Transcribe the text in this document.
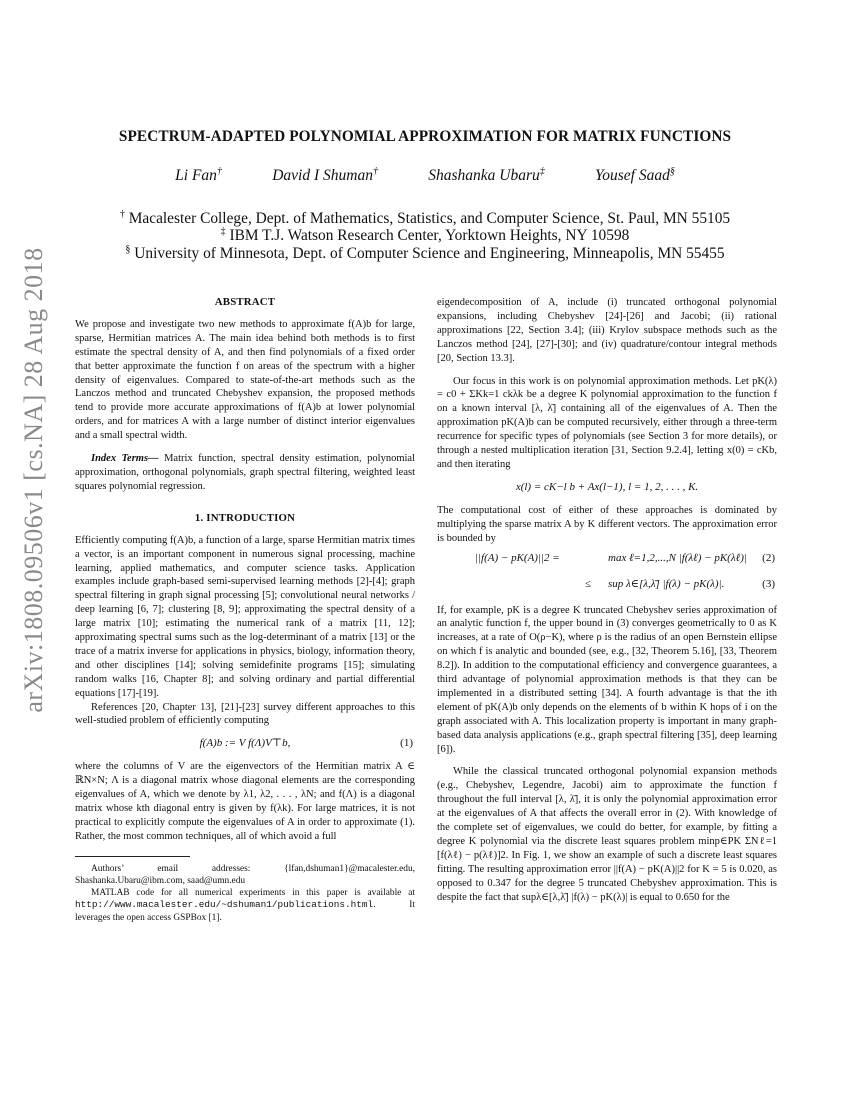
arXiv:1808.09506v1 [cs.NA] 28 Aug 2018
SPECTRUM-ADAPTED POLYNOMIAL APPROXIMATION FOR MATRIX FUNCTIONS
Li Fan†	David I Shuman†	Shashanka Ubaru‡	Yousef Saad§
† Macalester College, Dept. of Mathematics, Statistics, and Computer Science, St. Paul, MN 55105
‡ IBM T.J. Watson Research Center, Yorktown Heights, NY 10598
§ University of Minnesota, Dept. of Computer Science and Engineering, Minneapolis, MN 55455
ABSTRACT

We propose and investigate two new methods to approximate f(A)b for large, sparse, Hermitian matrices A. The main idea behind both methods is to first estimate the spectral density of A, and then find polynomials of a fixed order that better approximate the function f on areas of the spectrum with a higher density of eigenvalues. Compared to state-of-the-art methods such as the Lanczos method and truncated Chebyshev expansion, the proposed methods tend to provide more accurate approximations of f(A)b at lower polynomial orders, and for matrices A with a large number of distinct interior eigenvalues and a small spectral width.

Index Terms— Matrix function, spectral density estimation, polynomial approximation, orthogonal polynomials, graph spectral filtering, weighted least squares polynomial regression.

1. INTRODUCTION

Efficiently computing f(A)b, a function of a large, sparse Hermitian matrix times a vector, is an important component in numerous signal processing, machine learning, applied mathematics, and computer science tasks. Application examples include graph-based semi-supervised learning methods [2]-[4]; graph spectral filtering in graph signal processing [5]; convolutional neural networks / deep learning [6, 7]; clustering [8, 9]; approximating the spectral density of a large matrix [10]; estimating the numerical rank of a matrix [11, 12]; approximating spectral sums such as the log-determinant of a matrix [13] or the trace of a matrix inverse for applications in physics, biology, information theory, and other disciplines [14]; solving semidefinite programs [15]; simulating random walks [16, Chapter 8]; and solving ordinary and partial differential equations [17]-[19].

References [20, Chapter 13], [21]-[23] survey different approaches to this well-studied problem of efficiently computing

f(A)b := V f(Λ)V⊤b,	(1)

where the columns of V are the eigenvectors of the Hermitian matrix A ∈ ℝN×N; Λ is a diagonal matrix whose diagonal elements are the corresponding eigenvalues of A, which we denote by λ1, λ2, . . . , λN; and f(Λ) is a diagonal matrix whose kth diagonal entry is given by f(λk). For large matrices, it is not practical to explicitly compute the eigenvalues of A in order to approximate (1). Rather, the most common techniques, all of which avoid a full

Authors’ email addresses: {lfan,dshuman1}@macalester.edu, Shashanka.Ubaru@ibm.com, saad@umn.edu

MATLAB code for all numerical experiments in this paper is available at http://www.macalester.edu/~dshuman1/publications.html. It leverages the open access GSPBox [1].

eigendecomposition of A, include (i) truncated orthogonal polynomial expansions, including Chebyshev [24]-[26] and Jacobi; (ii) rational approximations [22, Section 3.4]; (iii) Krylov subspace methods such as the Lanczos method [24], [27]-[30]; and (iv) quadrature/contour integral methods [20, Section 13.3].

Our focus in this work is on polynomial approximation methods. Let pK(λ) = c0 + ΣKk=1 ckλk be a degree K polynomial approximation to the function f on a known interval [λ, λ̄] containing all of the eigenvalues of A. Then the approximation pK(A)b can be computed recursively, either through a three-term recurrence for specific types of polynomials (see Section 3 for more details), or through a nested multiplication iteration [31, Section 9.2.4], letting x(0) = cKb, and then iterating

x(l) = cK−l b + Ax(l−1), l = 1, 2, . . . , K.

The computational cost of either of these approaches is dominated by multiplying the sparse matrix A by K different vectors. The approximation error is bounded by

||f(A) − pK(A)||2 =	max ℓ=1,2,...,N |f(λℓ) − pK(λℓ)| (2)
≤ sup λ∈[λ,λ̄] |f(λ) − pK(λ)|.	(3)

If, for example, pK is a degree K truncated Chebyshev series approximation of an analytic function f, the upper bound in (3) converges geometrically to 0 as K increases, at a rate of O(ρ−K), where ρ is the radius of an open Bernstein ellipse on which f is analytic and bounded (see, e.g., [32, Theorem 5.16], [33, Theorem 8.2]). In addition to the computational efficiency and convergence guarantees, a third advantage of polynomial approximation methods is that they can be implemented in a distributed setting [34]. A fourth advantage is that the ith element of pK(A)b only depends on the elements of b within K hops of i on the graph associated with A. This localization property is important in many graph-based data analysis applications (e.g., graph spectral filtering [35], deep learning [6]).

While the classical truncated orthogonal polynomial expansion methods (e.g., Chebyshev, Legendre, Jacobi) aim to approximate the function f throughout the full interval [λ, λ̄], it is only the polynomial approximation error at the eigenvalues of A that affects the overall error in (2). With knowledge of the complete set of eigenvalues, we could do better, for example, by fitting a degree K polynomial via the discrete least squares problem minp∈PK ΣNℓ=1 [f(λℓ) − p(λℓ)]2. In Fig. 1, we show an example of such a discrete least squares fitting. The resulting approximation error ||f(A) − pK(A)||2 for K = 5 is 0.020, as opposed to 0.347 for the degree 5 truncated Chebyshev approximation. This is despite the fact that supλ∈[λ,λ̄] |f(λ) − pK(λ)| is equal to 0.650 for the
